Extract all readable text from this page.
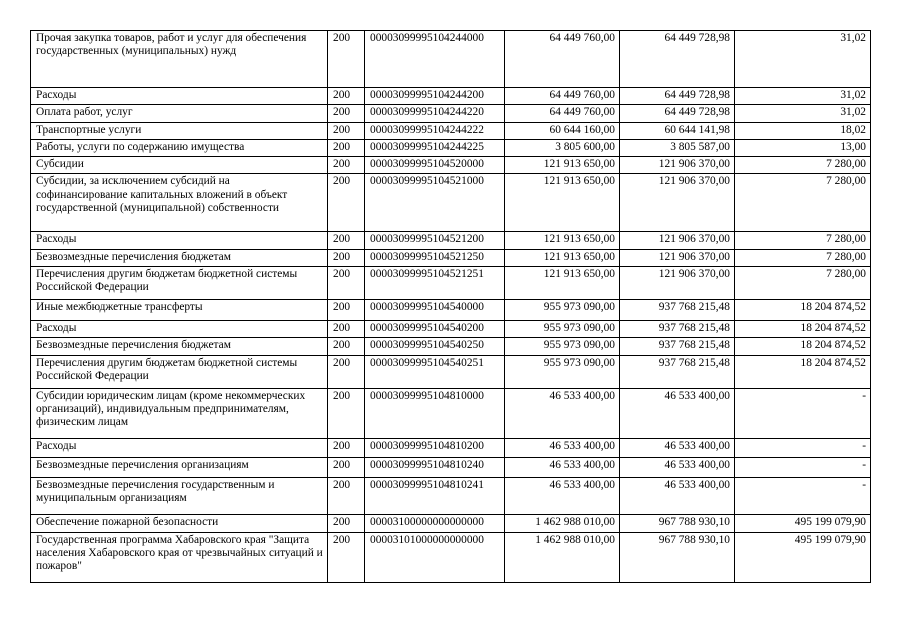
Прочая закупка товаров, работ и услуг для обеспечения государственных (муниципальных) нужд	200	00003099995104244000	64 449 760,00	64 449 728,98	31,02
Расходы	200	00003099995104244200	64 449 760,00	64 449 728,98	31,02
Оплата работ, услуг	200	00003099995104244220	64 449 760,00	64 449 728,98	31,02
Транспортные услуги	200	00003099995104244222	60 644 160,00	60 644 141,98	18,02
Работы, услуги по содержанию имущества	200	00003099995104244225	3 805 600,00	3 805 587,00	13,00
Субсидии	200	00003099995104520000	121 913 650,00	121 906 370,00	7 280,00
Субсидии, за исключением субсидий на софинансирование капитальных вложений в объект государственной (муниципальной) собственности	200	00003099995104521000	121 913 650,00	121 906 370,00	7 280,00
Расходы	200	00003099995104521200	121 913 650,00	121 906 370,00	7 280,00
Безвозмездные перечисления бюджетам	200	00003099995104521250	121 913 650,00	121 906 370,00	7 280,00
Перечисления другим бюджетам бюджетной системы Российской Федерации	200	00003099995104521251	121 913 650,00	121 906 370,00	7 280,00
Иные межбюджетные трансферты	200	00003099995104540000	955 973 090,00	937 768 215,48	18 204 874,52
Расходы	200	00003099995104540200	955 973 090,00	937 768 215,48	18 204 874,52
Безвозмездные перечисления бюджетам	200	00003099995104540250	955 973 090,00	937 768 215,48	18 204 874,52
Перечисления другим бюджетам бюджетной системы Российской Федерации	200	00003099995104540251	955 973 090,00	937 768 215,48	18 204 874,52
Субсидии юридическим лицам (кроме некоммерческих организаций), индивидуальным предпринимателям, физическим лицам	200	00003099995104810000	46 533 400,00	46 533 400,00	-
Расходы	200	00003099995104810200	46 533 400,00	46 533 400,00	-
Безвозмездные перечисления организациям	200	00003099995104810240	46 533 400,00	46 533 400,00	-
Безвозмездные перечисления государственным и муниципальным организациям	200	00003099995104810241	46 533 400,00	46 533 400,00	-
Обеспечение пожарной безопасности	200	00003100000000000000	1 462 988 010,00	967 788 930,10	495 199 079,90
Государственная программа Хабаровского края "Защита населения Хабаровского края от чрезвычайных ситуаций и пожаров"	200	00003101000000000000	1 462 988 010,00	967 788 930,10	495 199 079,90
